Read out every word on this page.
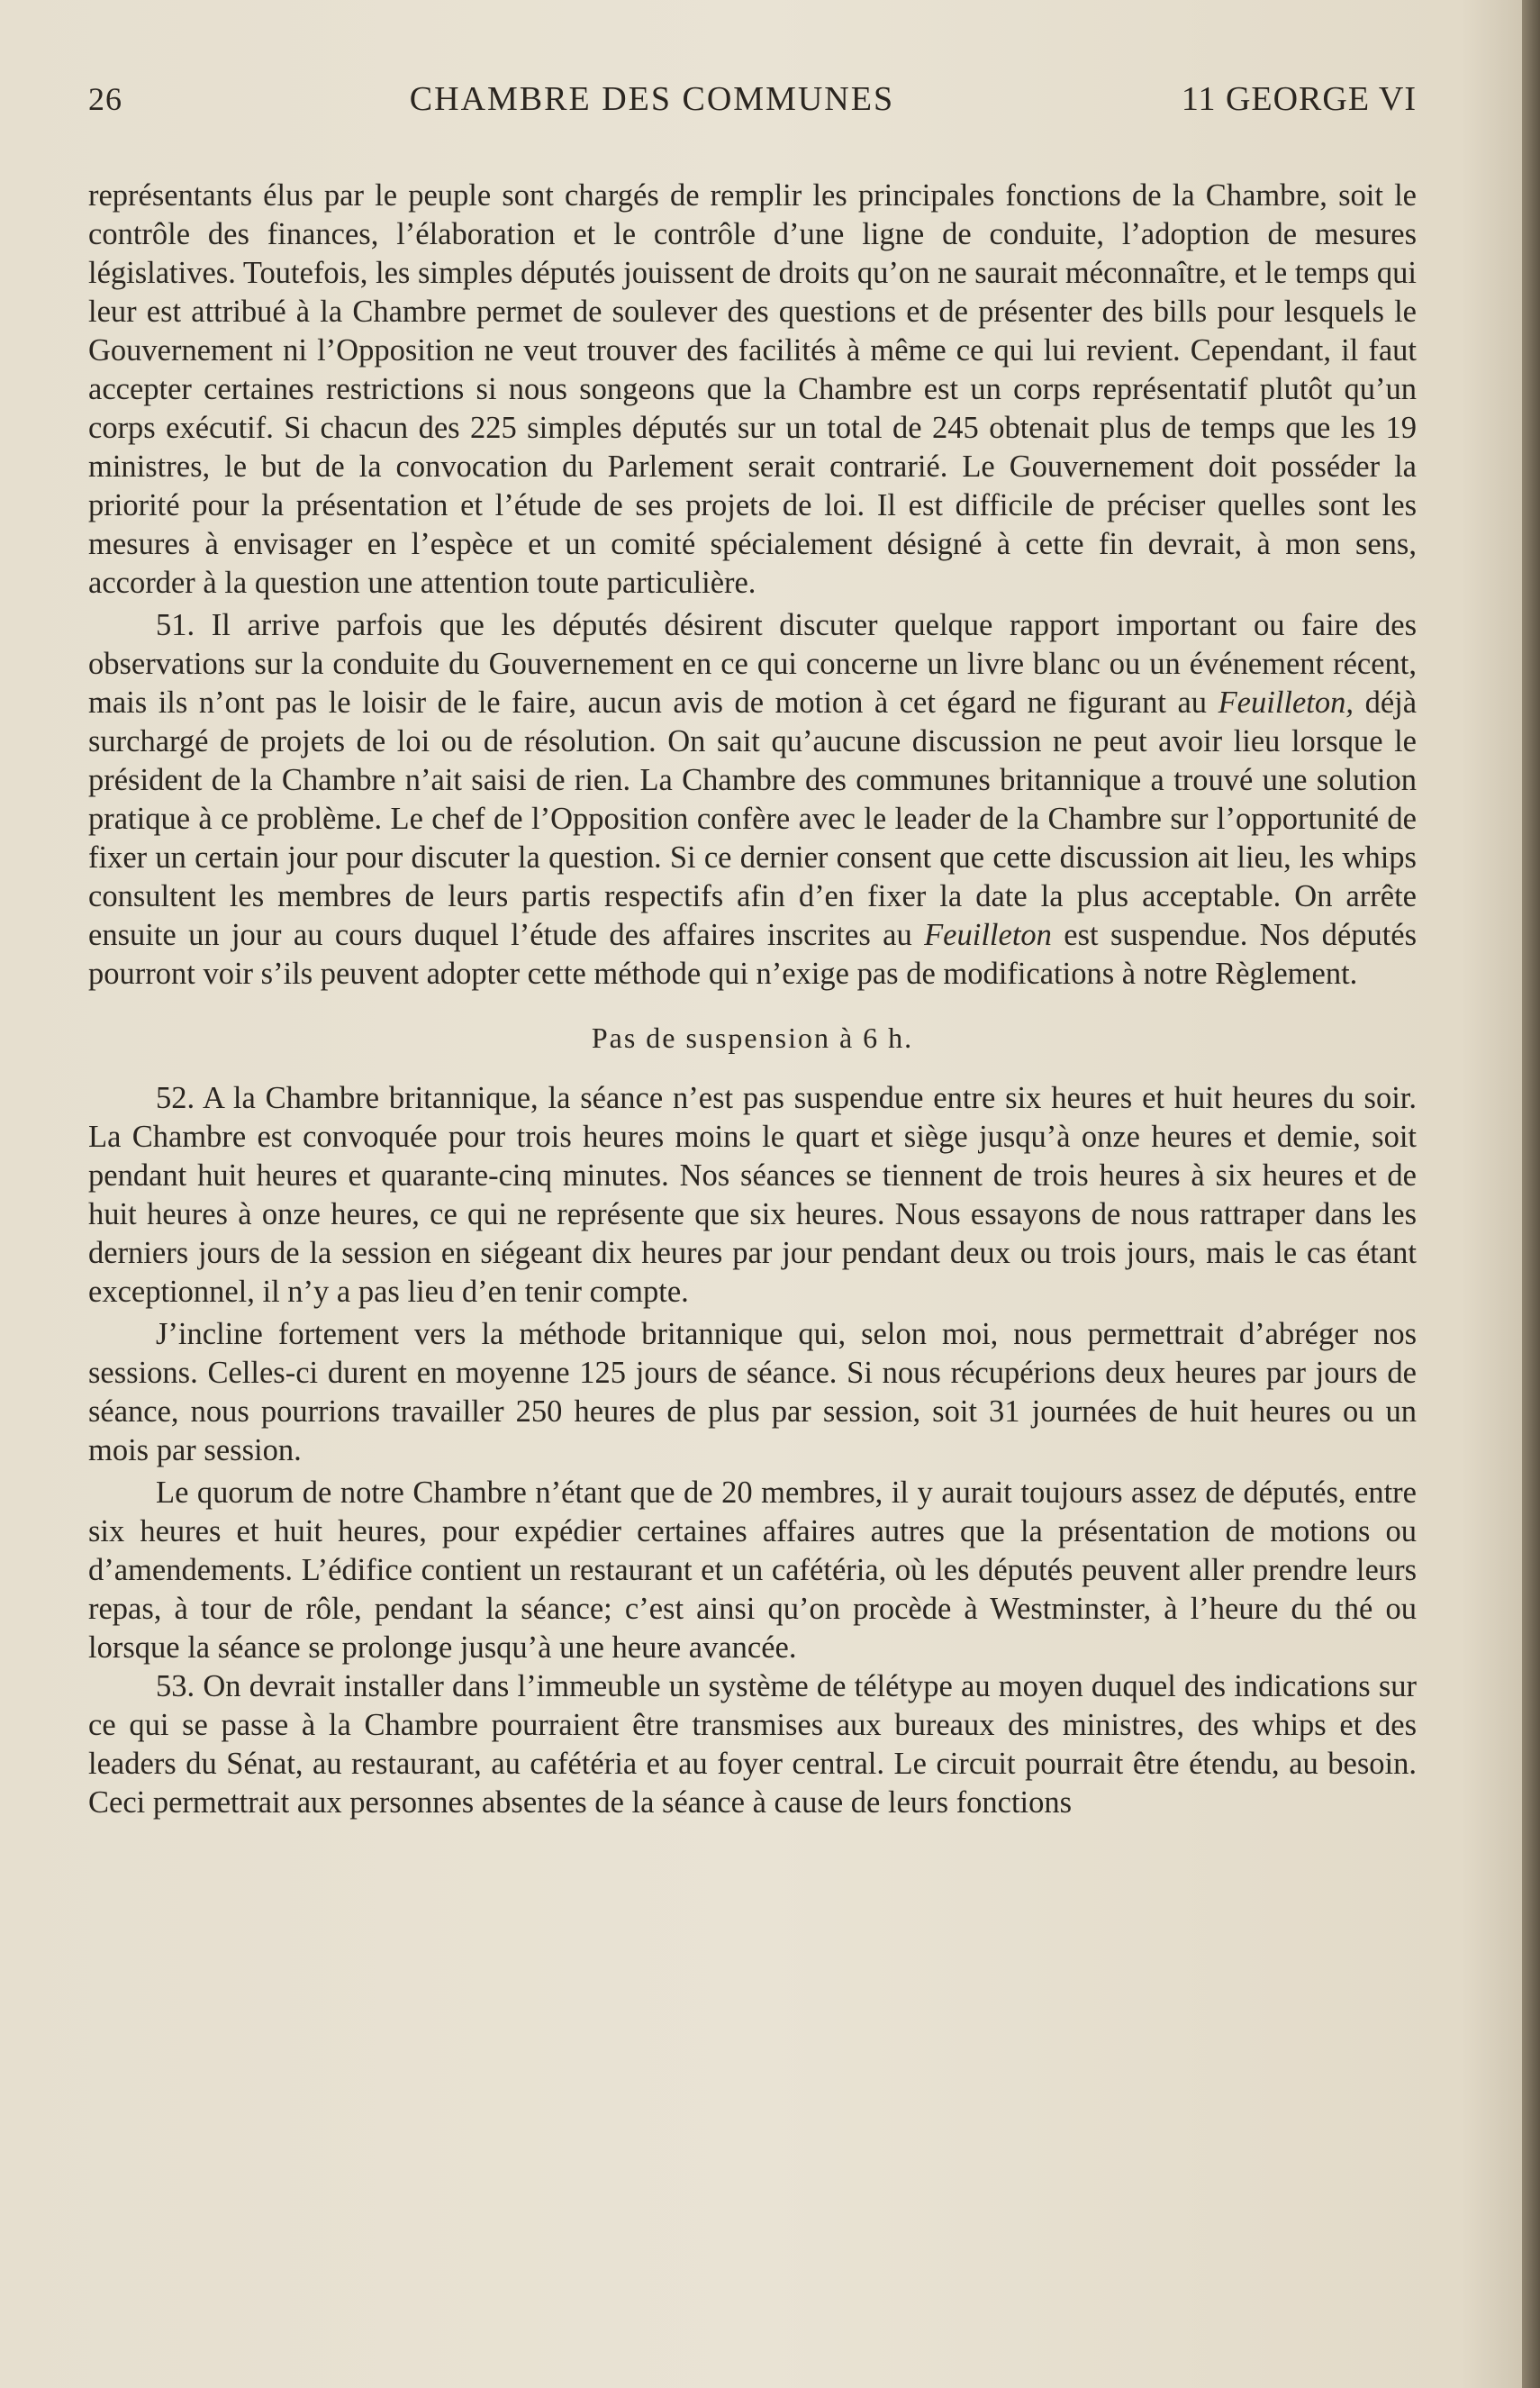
26	CHAMBRE DES COMMUNES	11 GEORGE VI

représentants élus par le peuple sont chargés de remplir les principales fonctions de la Chambre, soit le contrôle des finances, l’élaboration et le contrôle d’une ligne de conduite, l’adoption de mesures législatives. Toutefois, les simples députés jouissent de droits qu’on ne saurait méconnaître, et le temps qui leur est attribué à la Chambre permet de soulever des questions et de présenter des bills pour lesquels le Gouvernement ni l’Opposition ne veut trouver des facilités à même ce qui lui revient. Cependant, il faut accepter certaines restrictions si nous songeons que la Chambre est un corps représentatif plutôt qu’un corps exécutif. Si chacun des 225 simples députés sur un total de 245 obtenait plus de temps que les 19 ministres, le but de la convocation du Parlement serait contrarié. Le Gouvernement doit posséder la priorité pour la présentation et l’étude de ses projets de loi. Il est difficile de préciser quelles sont les mesures à envisager en l’espèce et un comité spécialement désigné à cette fin devrait, à mon sens, accorder à la question une attention toute particulière.

51. Il arrive parfois que les députés désirent discuter quelque rapport important ou faire des observations sur la conduite du Gouvernement en ce qui concerne un livre blanc ou un événement récent, mais ils n’ont pas le loisir de le faire, aucun avis de motion à cet égard ne figurant au Feuilleton, déjà surchargé de projets de loi ou de résolution. On sait qu’aucune discussion ne peut avoir lieu lorsque le président de la Chambre n’ait saisi de rien. La Chambre des communes britannique a trouvé une solution pratique à ce problème. Le chef de l’Opposition confère avec le leader de la Chambre sur l’opportunité de fixer un certain jour pour discuter la question. Si ce dernier consent que cette discussion ait lieu, les whips consultent les membres de leurs partis respectifs afin d’en fixer la date la plus acceptable. On arrête ensuite un jour au cours duquel l’étude des affaires inscrites au Feuilleton est suspendue. Nos députés pourront voir s’ils peuvent adopter cette méthode qui n’exige pas de modifications à notre Règlement.

Pas de suspension à 6 h.

52. A la Chambre britannique, la séance n’est pas suspendue entre six heures et huit heures du soir. La Chambre est convoquée pour trois heures moins le quart et siège jusqu’à onze heures et demie, soit pendant huit heures et quarante-cinq minutes. Nos séances se tiennent de trois heures à six heures et de huit heures à onze heures, ce qui ne représente que six heures. Nous essayons de nous rattraper dans les derniers jours de la session en siégeant dix heures par jour pendant deux ou trois jours, mais le cas étant exceptionnel, il n’y a pas lieu d’en tenir compte.

J’incline fortement vers la méthode britannique qui, selon moi, nous permettrait d’abréger nos sessions. Celles-ci durent en moyenne 125 jours de séance. Si nous récupérions deux heures par jours de séance, nous pourrions travailler 250 heures de plus par session, soit 31 journées de huit heures ou un mois par session.

Le quorum de notre Chambre n’étant que de 20 membres, il y aurait toujours assez de députés, entre six heures et huit heures, pour expédier certaines affaires autres que la présentation de motions ou d’amendements. L’édifice contient un restaurant et un cafétéria, où les députés peuvent aller prendre leurs repas, à tour de rôle, pendant la séance; c’est ainsi qu’on procède à Westminster, à l’heure du thé ou lorsque la séance se prolonge jusqu’à une heure avancée.

53. On devrait installer dans l’immeuble un système de télétype au moyen duquel des indications sur ce qui se passe à la Chambre pourraient être transmises aux bureaux des ministres, des whips et des leaders du Sénat, au restaurant, au cafétéria et au foyer central. Le circuit pourrait être étendu, au besoin. Ceci permettrait aux personnes absentes de la séance à cause de leurs fonctions
